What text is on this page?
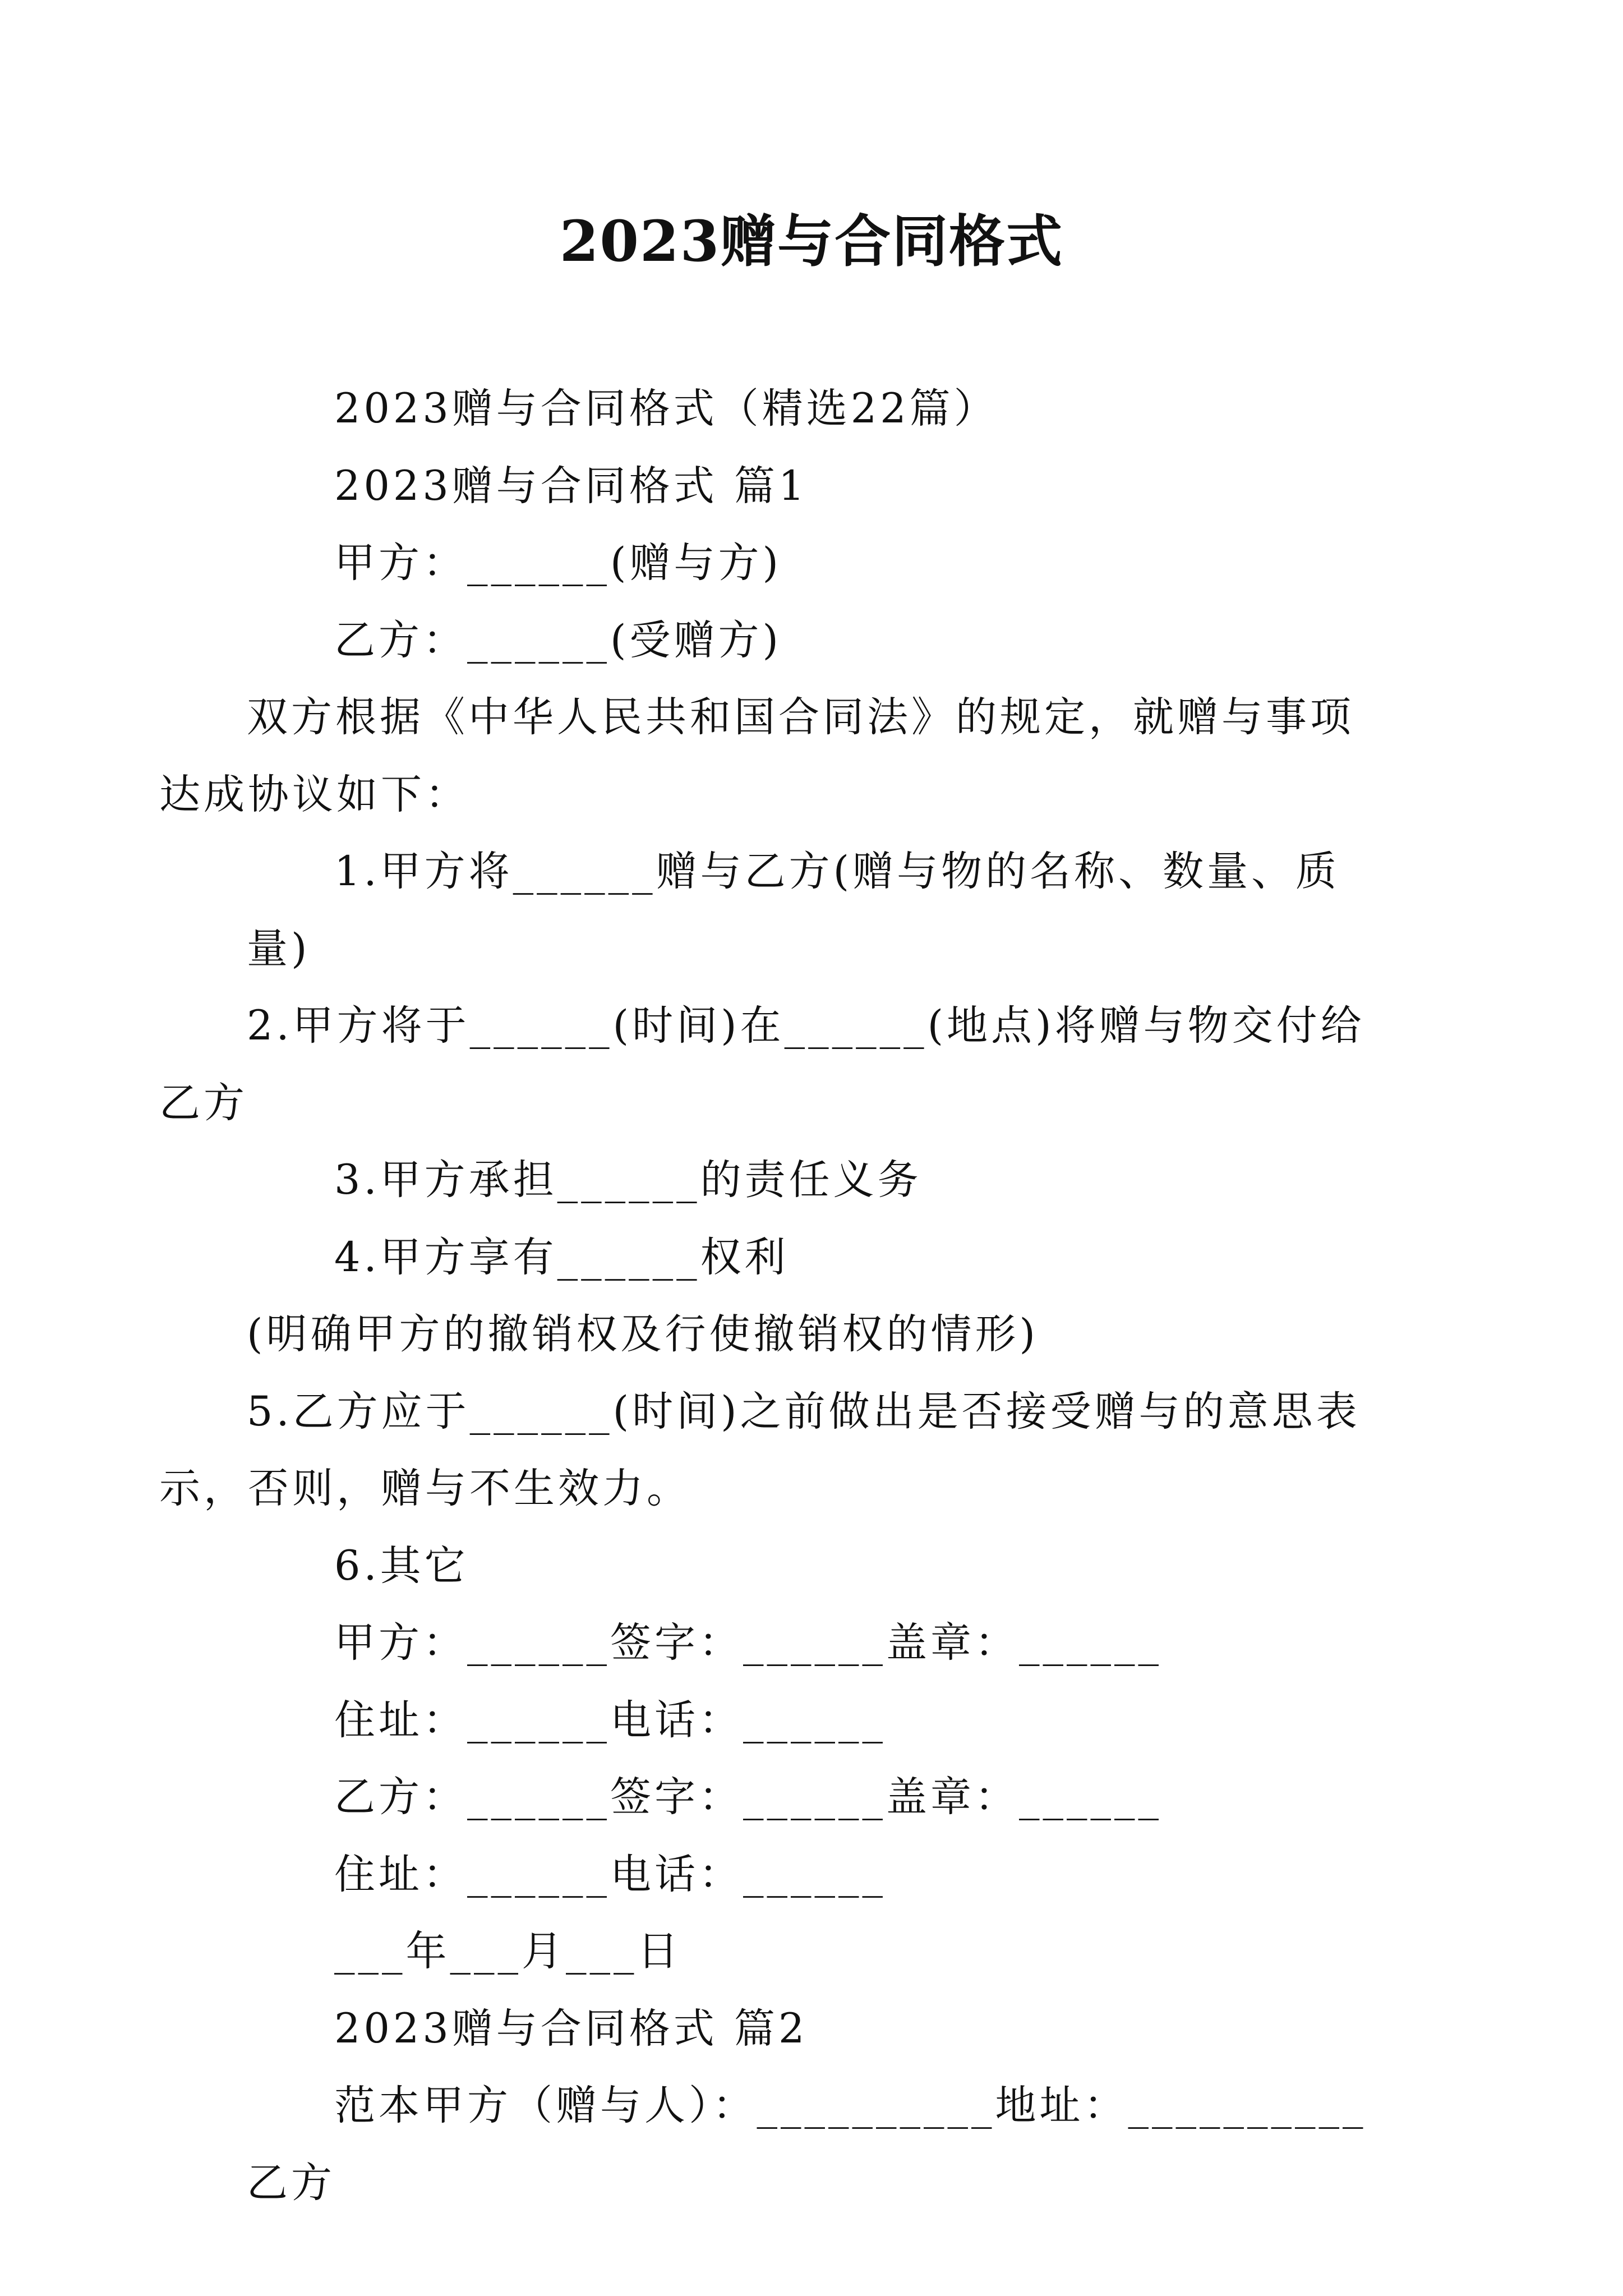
2023赠与合同格式

2023赠与合同格式（精选22篇）

2023赠与合同格式 篇1

甲方：______(赠与方)

乙方：______(受赠方)

双方根据《中华人民共和国合同法》的规定，就赠与事项达成协议如下：

1.甲方将______赠与乙方(赠与物的名称、数量、质量)

2.甲方将于______(时间)在______(地点)将赠与物交付给乙方

3.甲方承担______的责任义务

4.甲方享有______权利

(明确甲方的撤销权及行使撤销权的情形)

5.乙方应于______(时间)之前做出是否接受赠与的意思表示，否则，赠与不生效力。

6.其它

甲方：______签字：______盖章：______

住址：______电话：______

乙方：______签字：______盖章：______

住址：______电话：______

___年___月___日

2023赠与合同格式 篇2

范本甲方（赠与人）：__________地址：__________乙方
